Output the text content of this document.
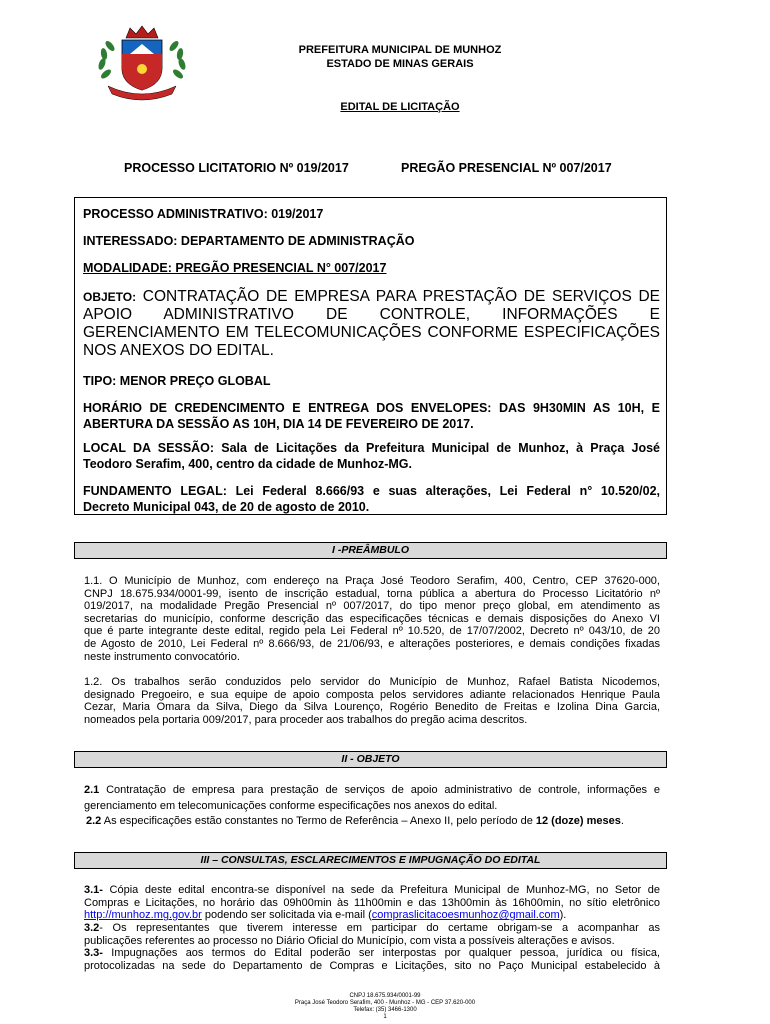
PREFEITURA MUNICIPAL DE MUNHOZ
ESTADO DE MINAS GERAIS
EDITAL DE LICITAÇÃO
PROCESSO LICITATORIO Nº 019/2017	PREGÃO PRESENCIAL Nº 007/2017
PROCESSO ADMINISTRATIVO: 019/2017
INTERESSADO: DEPARTAMENTO DE ADMINISTRAÇÃO
MODALIDADE: PREGÃO PRESENCIAL N° 007/2017
OBJETO: CONTRATAÇÃO DE EMPRESA PARA PRESTAÇÃO DE SERVIÇOS DE
APOIO ADMINISTRATIVO DE CONTROLE, INFORMAÇÕES E
GERENCIAMENTO EM TELECOMUNICAÇÕES CONFORME ESPECIFICAÇÕES
NOS ANEXOS DO EDITAL.
TIPO: MENOR PREÇO GLOBAL
HORÁRIO DE CREDENCIMENTO E ENTREGA DOS ENVELOPES: DAS 9H30MIN AS 10H, E
ABERTURA DA SESSÃO AS 10H, DIA 14 DE FEVEREIRO DE 2017.
LOCAL DA SESSÃO: Sala de Licitações da Prefeitura Municipal de Munhoz, à Praça José
Teodoro Serafim, 400, centro da cidade de Munhoz-MG.
FUNDAMENTO LEGAL: Lei Federal 8.666/93 e suas alterações, Lei Federal n° 10.520/02,
Decreto Municipal 043, de 20 de agosto de 2010.
I -PREÂMBULO
1.1. O Município de Munhoz, com endereço na Praça José Teodoro Serafim, 400, Centro, CEP 37620-000,
CNPJ 18.675.934/0001-99, isento de inscrição estadual, torna pública a abertura do Processo Licitatório nº
019/2017, na modalidade Pregão Presencial nº 007/2017, do tipo menor preço global, em atendimento as
secretarias do município, conforme descrição das especificações técnicas e demais disposições do Anexo VI
que é parte integrante deste edital, regido pela Lei Federal nº 10.520, de 17/07/2002, Decreto nº 043/10, de 20
de Agosto de 2010, Lei Federal nº 8.666/93, de 21/06/93, e alterações posteriores, e demais condições fixadas
neste instrumento convocatório.
1.2. Os trabalhos serão conduzidos pelo servidor do Município de Munhoz, Rafael Batista Nicodemos,
designado Pregoeiro, e sua equipe de apoio composta pelos servidores adiante relacionados Henrique Paula
Cezar, Maria Omara da Silva, Diego da Silva Lourenço, Rogério Benedito de Freitas e Izolina Dina Garcia,
nomeados pela portaria 009/2017, para proceder aos trabalhos do pregão acima descritos.
II - OBJETO
2.1 Contratação de empresa para prestação de serviços de apoio administrativo de controle, informações e
gerenciamento em telecomunicações conforme especificações nos anexos do edital.
2.2 As especificações estão constantes no Termo de Referência – Anexo II, pelo período de 12 (doze) meses.
III – CONSULTAS, ESCLARECIMENTOS E IMPUGNAÇÃO DO EDITAL
3.1- Cópia deste edital encontra-se disponível na sede da Prefeitura Municipal de Munhoz-MG, no Setor de
Compras e Licitações, no horário das 09h00min às 11h00min e das 13h00min às 16h00min, no sítio eletrônico
http://munhoz.mg.gov.br podendo ser solicitada via e-mail (compraslicitacoesmunhoz@gmail.com).
3.2- Os representantes que tiverem interesse em participar do certame obrigam-se a acompanhar as
publicações referentes ao processo no Diário Oficial do Município, com vista a possíveis alterações e avisos.
3.3- Impugnações aos termos do Edital poderão ser interpostas por qualquer pessoa, jurídica ou física,
protocolizadas na sede do Departamento de Compras e Licitações, sito no Paço Municipal estabelecido à
CNPJ 18.675.934/0001-99
Praça José Teodoro Serafim, 400 - Munhoz - MG - CEP 37.620-000
Telefax: (35) 3466-1300
1
